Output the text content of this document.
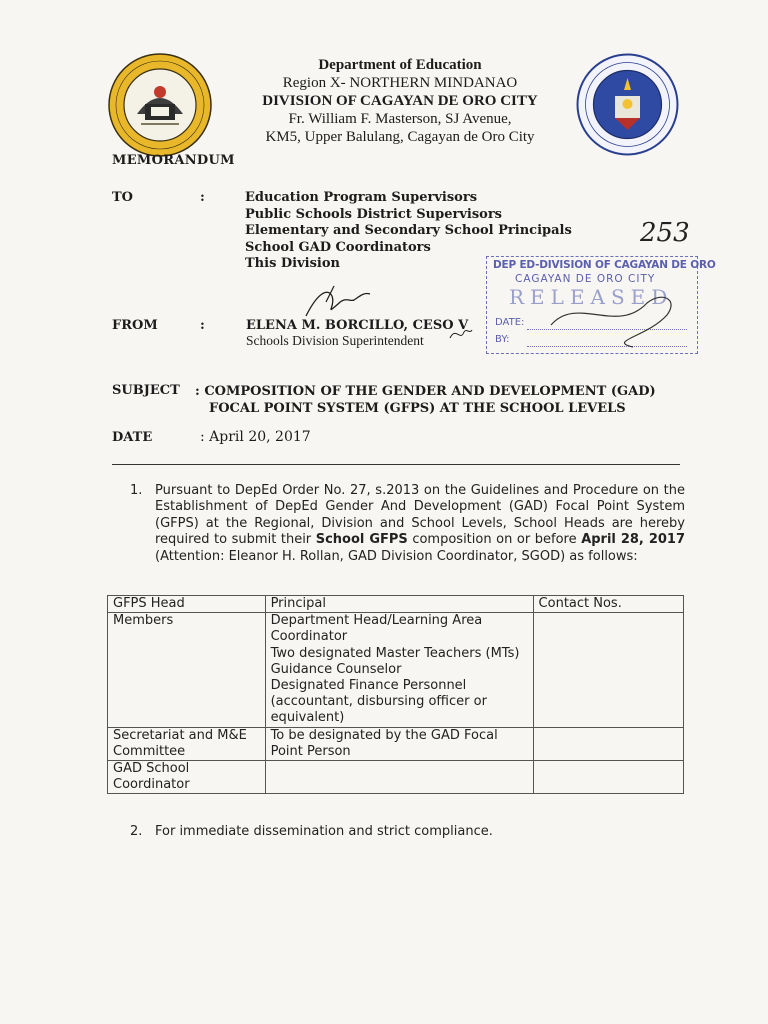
Department of Education
Region X- NORTHERN MINDANAO
DIVISION OF CAGAYAN DE ORO CITY
Fr. William F. Masterson, SJ Avenue,
KM5, Upper Balulang, Cagayan de Oro City
MEMORANDUM
TO	:	Education Program Supervisors
Public Schools District Supervisors
Elementary and Secondary School Principals
School GAD Coordinators
This Division
253
DEP ED-DIVISION OF CAGAYAN DE ORO
CAGAYAN DE ORO CITY
RELEASED
DATE:
BY:
FROM	:	ELENA M. BORCILLO, CESO V
Schools Division Superintendent
SUBJECT : COMPOSITION OF THE GENDER AND DEVELOPMENT (GAD)
FOCAL POINT SYSTEM (GFPS) AT THE SCHOOL LEVELS
DATE	: April 20, 2017
1. Pursuant to DepEd Order No. 27, s.2013 on the Guidelines and Procedure on the Establishment of DepEd Gender And Development (GAD) Focal Point System (GFPS) at the Regional, Division and School Levels, School Heads are hereby required to submit their School GFPS composition on or before April 28, 2017 (Attention: Eleanor H. Rollan, GAD Division Coordinator, SGOD) as follows:
GFPS Head	Principal	Contact Nos.
Members	Department Head/Learning Area Coordinator
Two designated Master Teachers (MTs)
Guidance Counselor
Designated Finance Personnel (accountant, disbursing officer or equivalent)	

Secretariat and M&E Committee	To be designated by the GAD Focal Point Person	
GAD School Coordinator		
2. For immediate dissemination and strict compliance.
